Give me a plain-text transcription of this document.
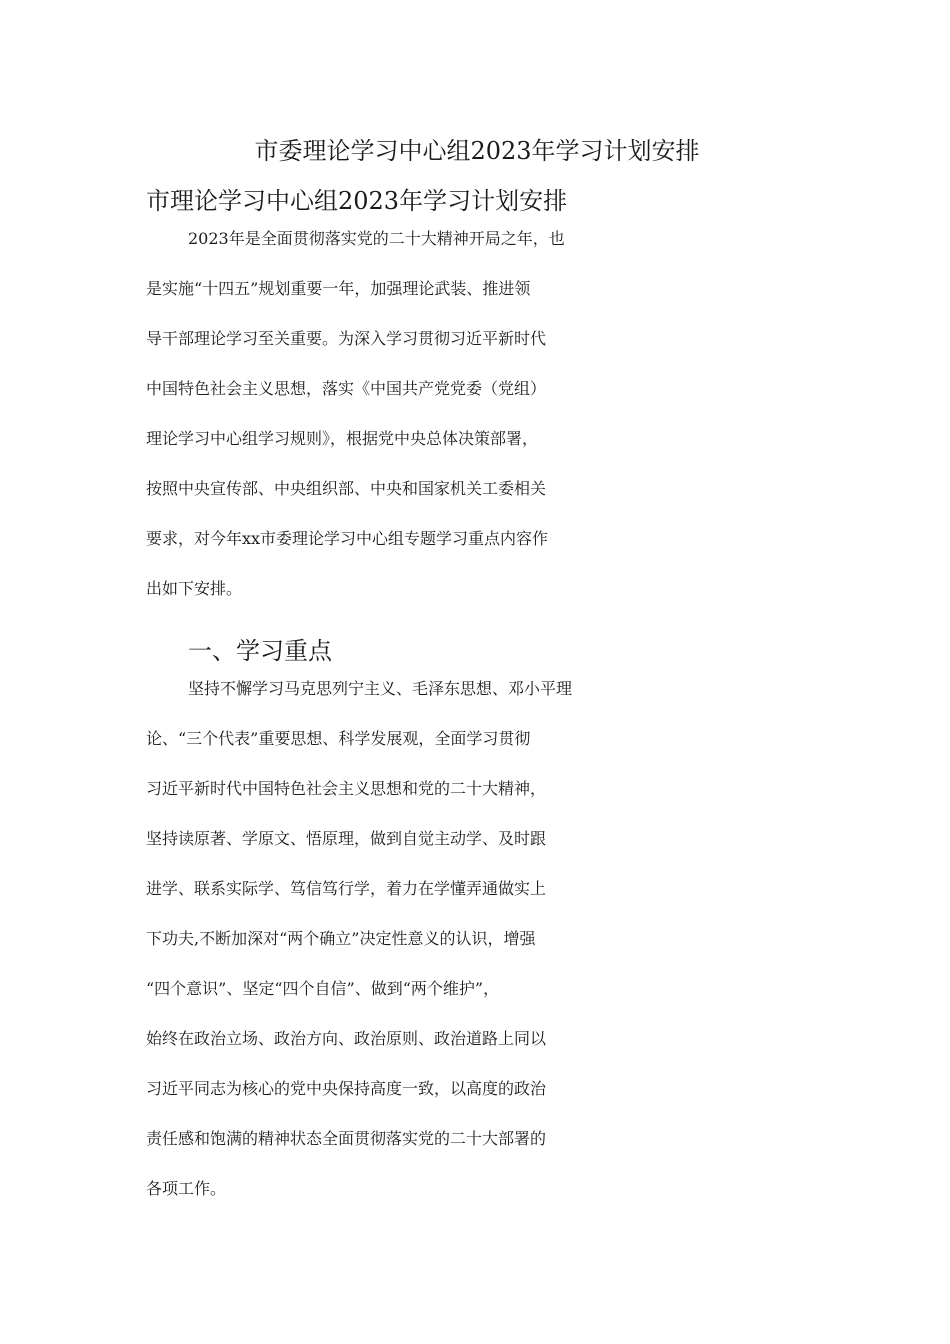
市委理论学习中心组2023年学习计划安排
市理论学习中心组2023年学习计划安排
2023年是全面贯彻落实党的二十大精神开局之年，也
是实施“十四五”规划重要一年，加强理论武装、推进领
导干部理论学习至关重要。为深入学习贯彻习近平新时代
中国特色社会主义思想，落实《中国共产党党委（党组）
理论学习中心组学习规则》，根据党中央总体决策部署，
按照中央宣传部、中央组织部、中央和国家机关工委相关
要求，对今年xx市委理论学习中心组专题学习重点内容作
出如下安排。
一、学习重点
坚持不懈学习马克思列宁主义、毛泽东思想、邓小平理
论、“三个代表”重要思想、科学发展观，全面学习贯彻
习近平新时代中国特色社会主义思想和党的二十大精神，
坚持读原著、学原文、悟原理，做到自觉主动学、及时跟
进学、联系实际学、笃信笃行学，着力在学懂弄通做实上
下功夫,不断加深对“两个确立”决定性意义的认识，增强
“四个意识”、坚定“四个自信”、做到“两个维护”，
始终在政治立场、政治方向、政治原则、政治道路上同以
习近平同志为核心的党中央保持高度一致，以高度的政治
责任感和饱满的精神状态全面贯彻落实党的二十大部署的
各项工作。
